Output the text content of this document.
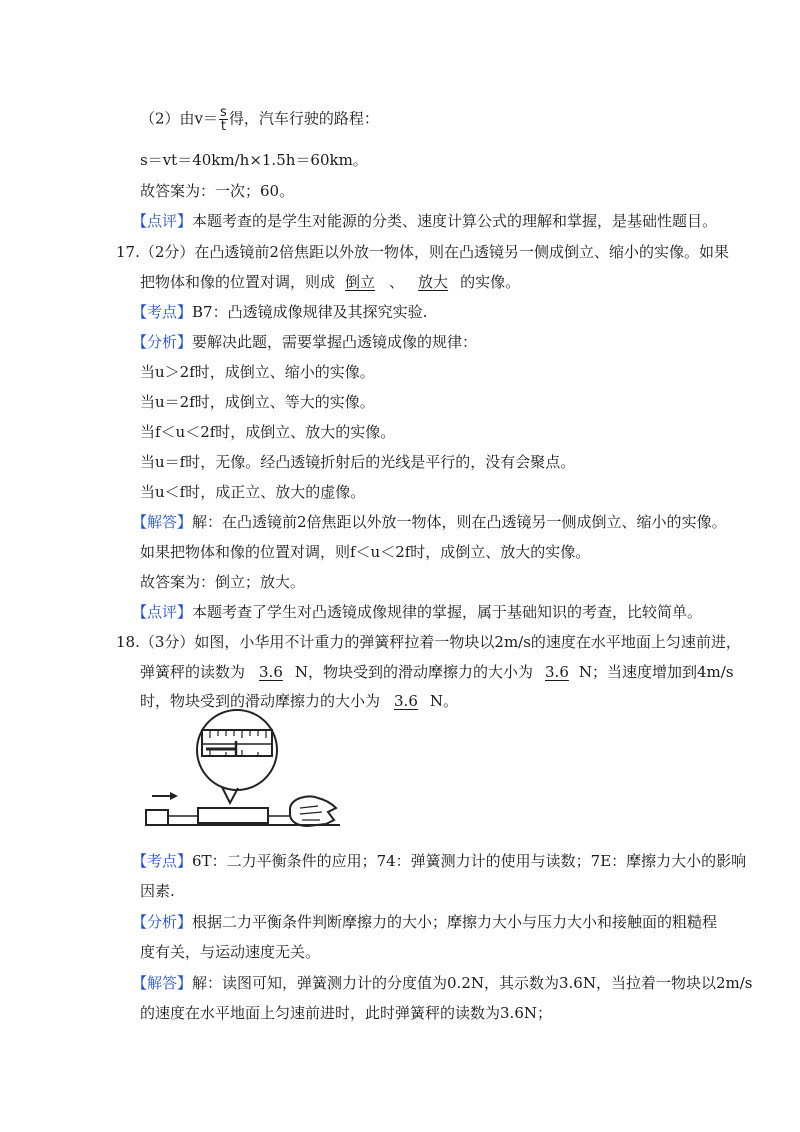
（2）由$v= \frac{s}{t}$ 得，汽车行驶的路程：
s＝vt＝40km/h×1.5h＝60km。
故答案为：一次；60。
【点评】本题考查的是学生对能源的分类、速度计算公式的理解和掌握，是基础性题目。
17.（2分）在凸透镜前2倍焦距以外放一物体，则在凸透镜另一侧成倒立、缩小的实像。如果
把物体和像的位置对调，则成 倒立 、 放大 的实像。
【考点】B7：凸透镜成像规律及其探究实验.
【分析】要解决此题，需要掌握凸透镜成像的规律：
当u＞2f时，成倒立、缩小的实像。
当u＝2f时，成倒立、等大的实像。
当f＜u＜2f时，成倒立、放大的实像。
当u＝f时，无像。经凸透镜折射后的光线是平行的，没有会聚点。
当u＜f时，成正立、放大的虚像。
【解答】解：在凸透镜前2倍焦距以外放一物体，则在凸透镜另一侧成倒立、缩小的实像。
如果把物体和像的位置对调，则f＜u＜2f时，成倒立、放大的实像。
故答案为：倒立；放大。
【点评】本题考查了学生对凸透镜成像规律的掌握，属于基础知识的考查，比较简单。
18.（3分）如图，小华用不计重力的弹簧秤拉着一物块以2m/s的速度在水平地面上匀速前进，
弹簧秤的读数为 3.6 N，物块受到的滑动摩擦力的大小为 3.6 N；当速度增加到4m/s
时，物块受到的滑动摩擦力的大小为 3.6 N。
【考点】6T：二力平衡条件的应用；74：弹簧测力计的使用与读数；7E：摩擦力大小的影响
因素.
【分析】根据二力平衡条件判断摩擦力的大小；摩擦力大小与压力大小和接触面的粗糙程
度有关，与运动速度无关。
【解答】解：读图可知，弹簧测力计的分度值为0.2N，其示数为3.6N，当拉着一物块以2m/s
的速度在水平地面上匀速前进时，此时弹簧秤的读数为3.6N；
